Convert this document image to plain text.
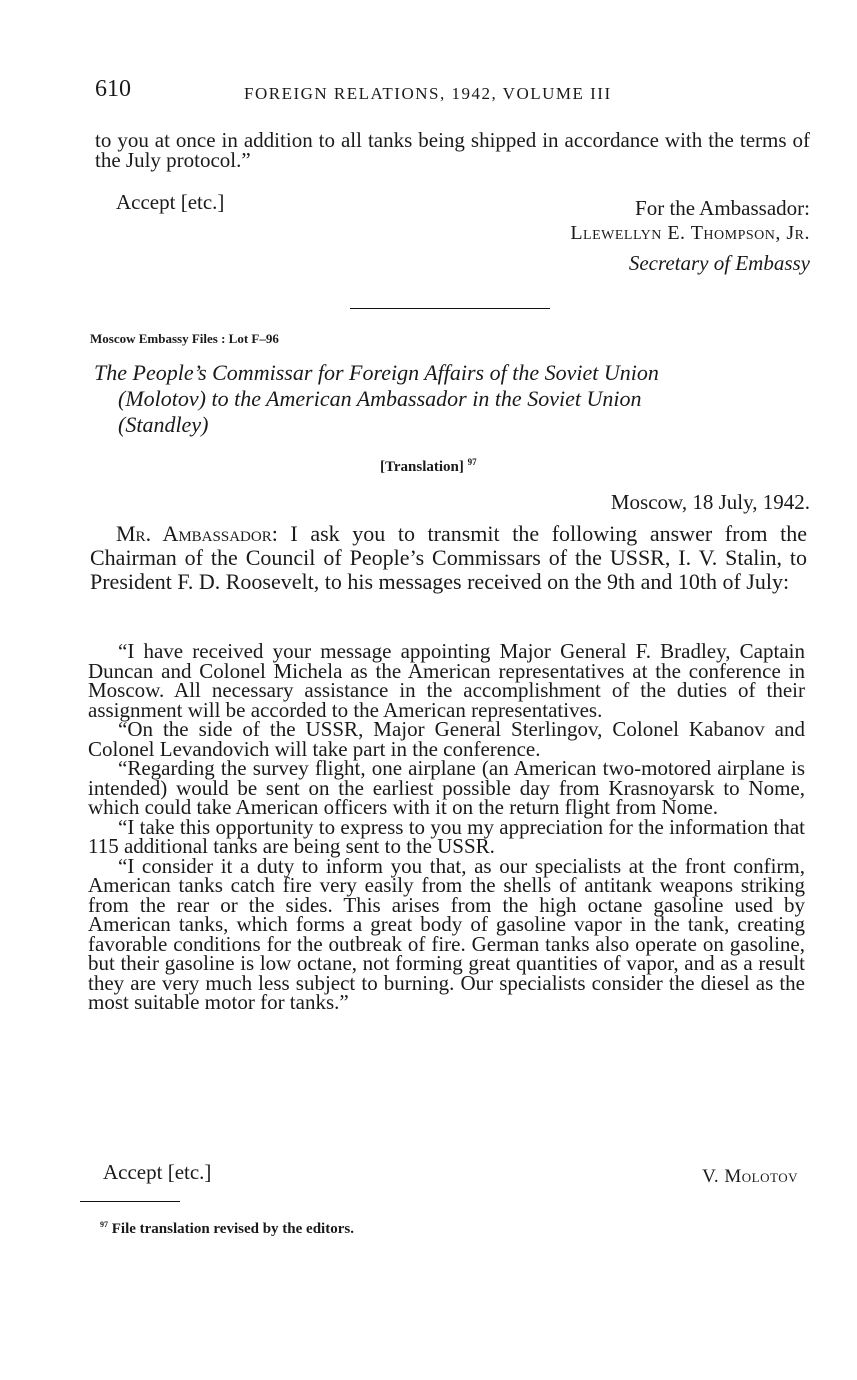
610	FOREIGN RELATIONS, 1942, VOLUME III
to you at once in addition to all tanks being shipped in accordance with the terms of the July protocol.”
Accept [etc.]	For the Ambassador:
Llewellyn E. Thompson, Jr.
Secretary of Embassy
Moscow Embassy Files : Lot F–96
The People’s Commissar for Foreign Affairs of the Soviet Union
(Molotov) to the American Ambassador in the Soviet Union
(Standley)
[Translation] $^{97}$
Moscow, 18 July, 1942.
Mr. Ambassador: I ask you to transmit the following answer from the Chairman of the Council of People’s Commissars of the USSR, I. V. Stalin, to President F. D. Roosevelt, to his messages received on the 9th and 10th of July:

“I have received your message appointing Major General F. Bradley, Captain Duncan and Colonel Michela as the American representatives at the conference in Moscow. All necessary assistance in the accomplishment of the duties of their assignment will be accorded to the American representatives.

“On the side of the USSR, Major General Sterlingov, Colonel Kabanov and Colonel Levandovich will take part in the conference.

“Regarding the survey flight, one airplane (an American two-motored airplane is intended) would be sent on the earliest possible day from Krasnoyarsk to Nome, which could take American officers with it on the return flight from Nome.

“I take this opportunity to express to you my appreciation for the information that 115 additional tanks are being sent to the USSR.

“I consider it a duty to inform you that, as our specialists at the front confirm, American tanks catch fire very easily from the shells of antitank weapons striking from the rear or the sides. This arises from the high octane gasoline used by American tanks, which forms a great body of gasoline vapor in the tank, creating favorable conditions for the outbreak of fire. German tanks also operate on gasoline, but their gasoline is low octane, not forming great quantities of vapor, and as a result they are very much less subject to burning. Our specialists consider the diesel as the most suitable motor for tanks.”

Accept [etc.]	V. Molotov
$^{97}$ File translation revised by the editors.
